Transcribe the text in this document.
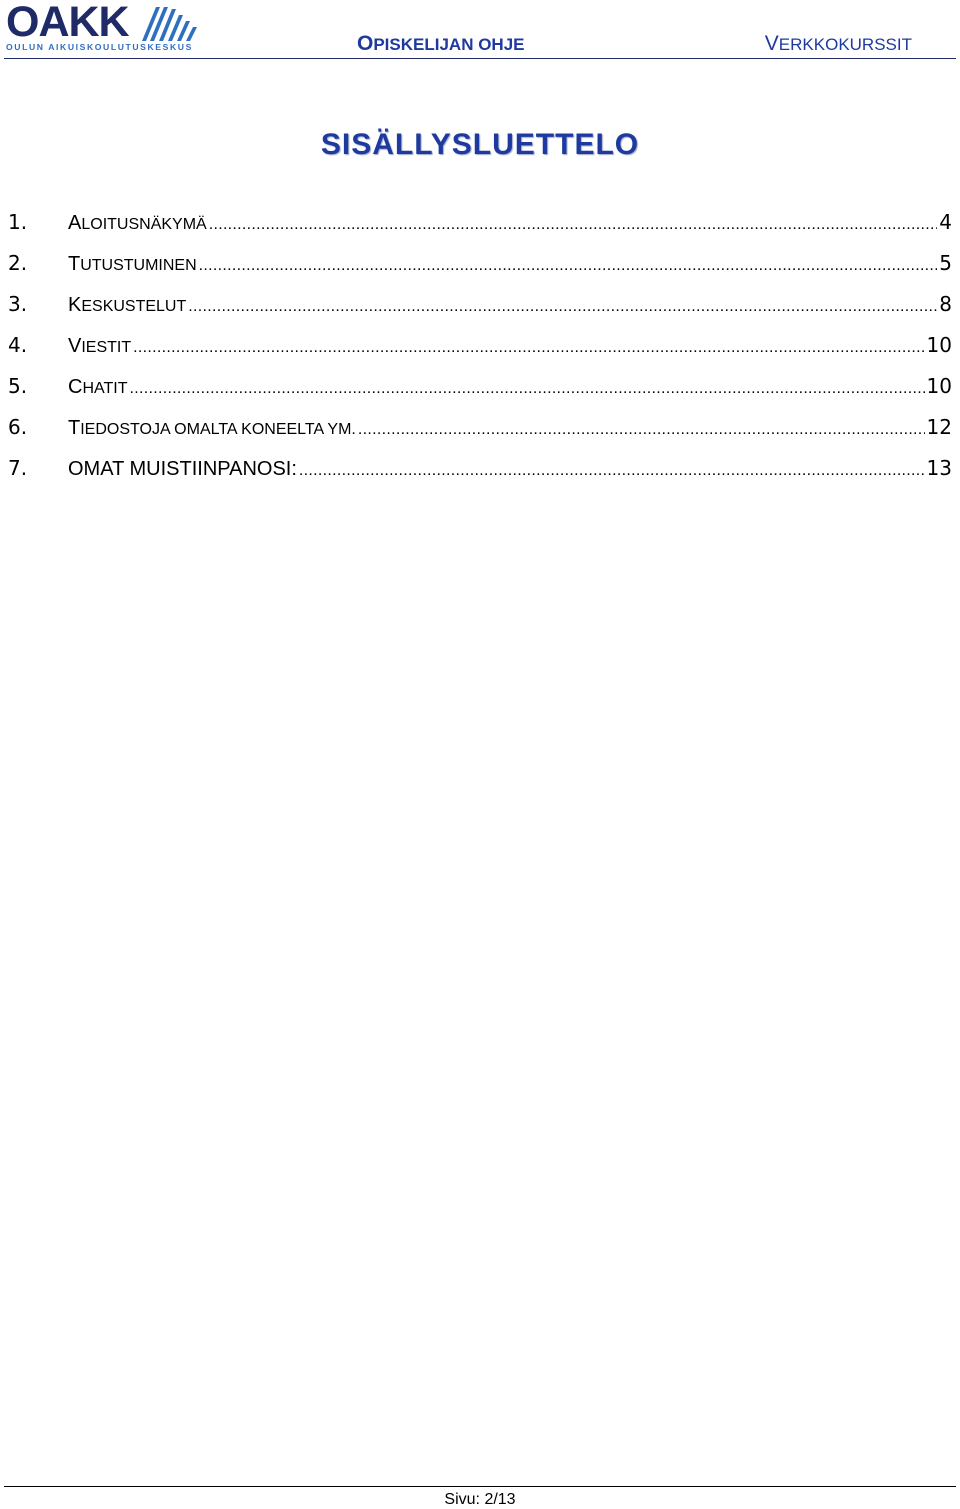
OAKK
OULUN AIKUISKOULUTUSKESKUS	OPISKELIJAN OHJE	VERKKOKURSSIT
SISÄLLYSLUETTELO
1.	ALOITUSNÄKYMÄ .....	4
2.	TUTUSTUMINEN .....	5
3.	KESKUSTELUT .....	8
4.	VIESTIT .....	10
5.	CHATIT .....	10
6.	TIEDOSTOJA OMALTA KONEELTA YM. .....	12
7.	OMAT MUISTIINPANOSI: .....	13
Sivu: 2/13
